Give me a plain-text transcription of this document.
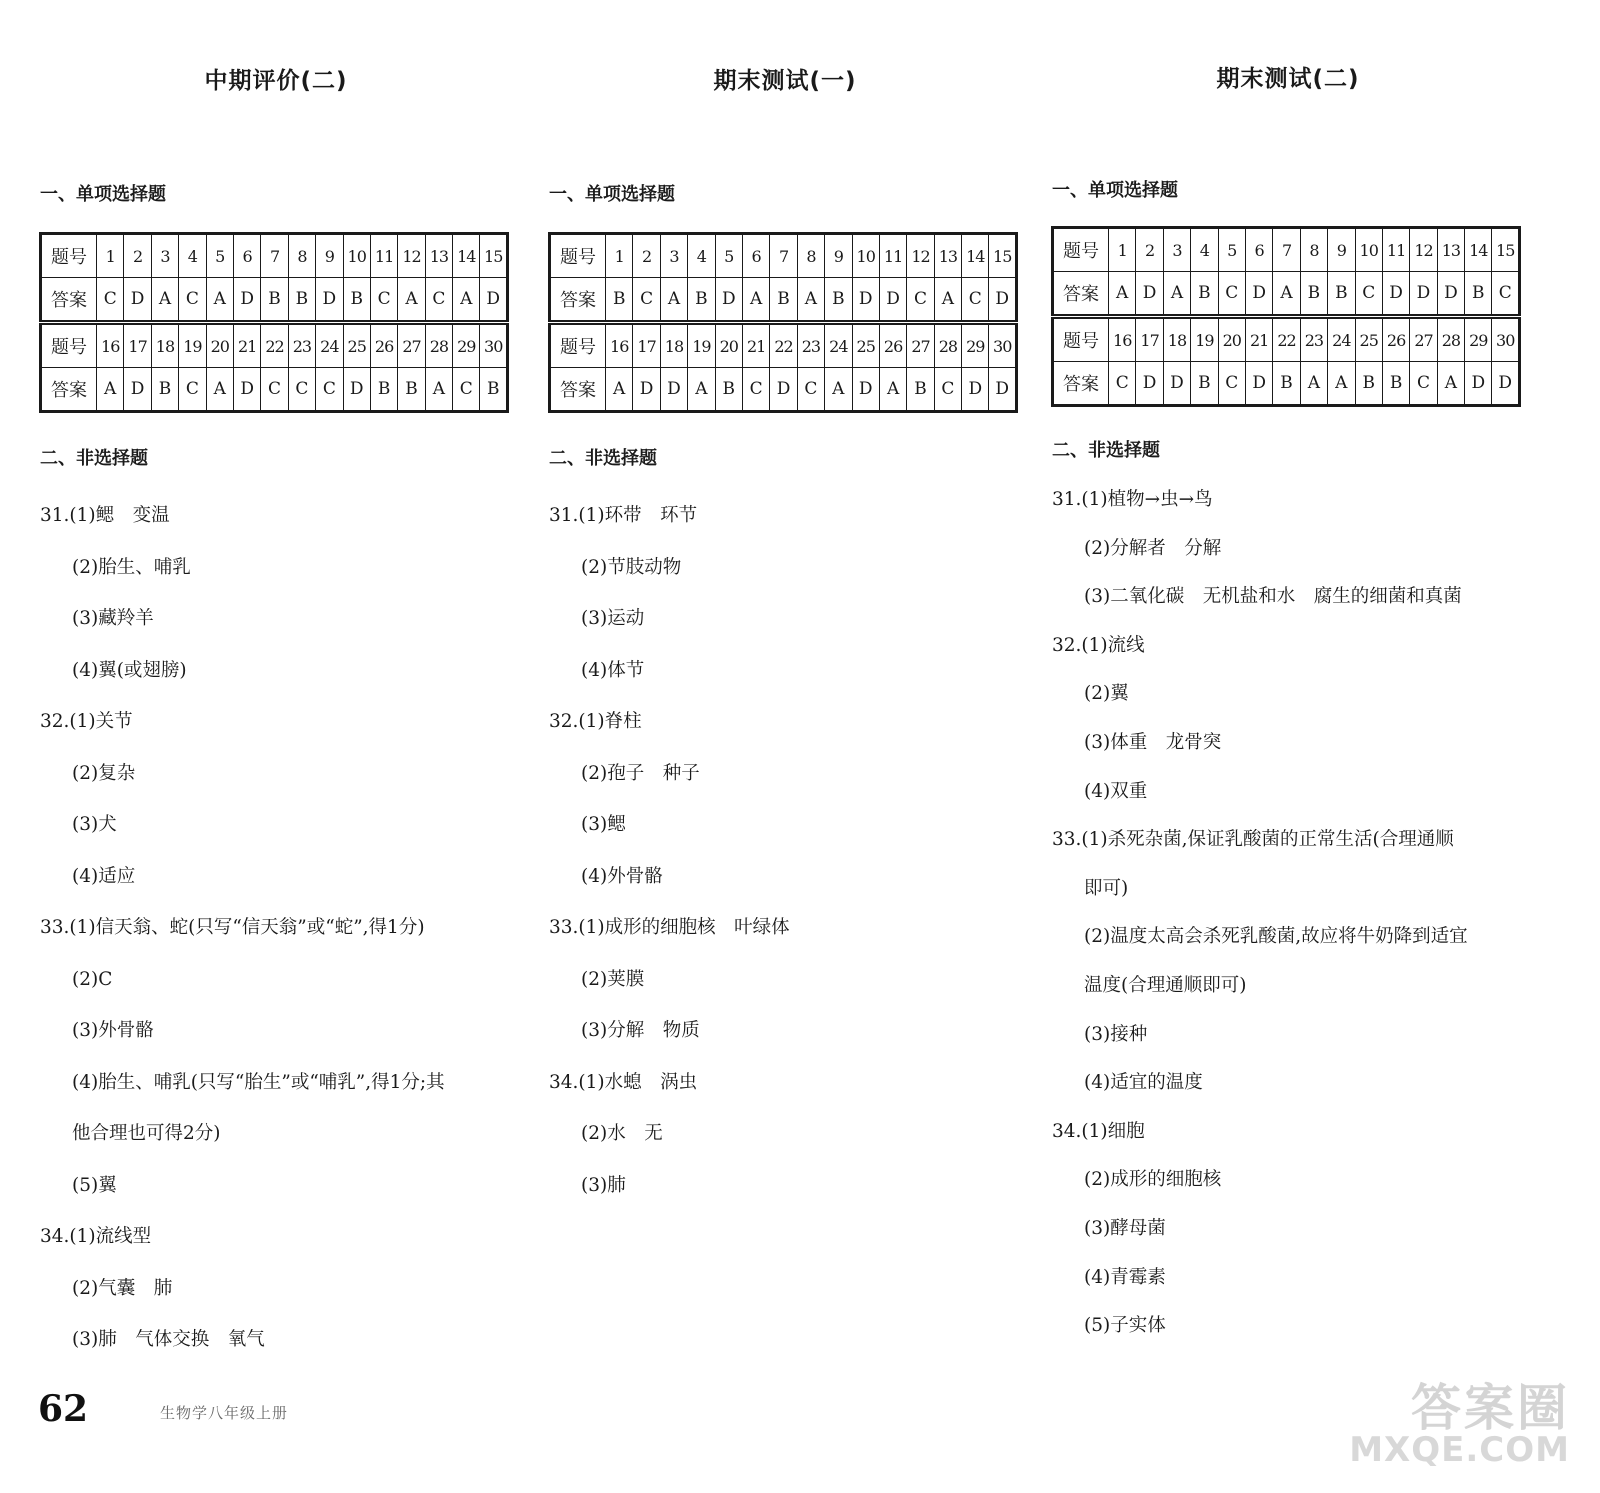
中期评价(二)
一、单项选择题
题号	1	2	3	4	5	6	7	8	9	10	11	12	13	14	15
答案	C	D	A	C	A	D	B	B	D	B	C	A	C	A	D
题号	16	17	18	19	20	21	22	23	24	25	26	27	28	29	30
答案	A	D	B	C	A	D	C	C	C	D	B	B	A	C	B
二、非选择题
31.(1)鳃　变温
(2)胎生、哺乳
(3)藏羚羊
(4)翼(或翅膀)
32.(1)关节
(2)复杂
(3)犬
(4)适应
33.(1)信天翁、蛇(只写“信天翁”或“蛇”,得1分)
(2)C
(3)外骨骼
(4)胎生、哺乳(只写“胎生”或“哺乳”,得1分;其
他合理也可得2分)
(5)翼
34.(1)流线型
(2)气囊　肺
(3)肺　气体交换　氧气
期末测试(一)
一、单项选择题
题号	1	2	3	4	5	6	7	8	9	10	11	12	13	14	15
答案	B	C	A	B	D	A	B	A	B	D	D	C	A	C	D
题号	16	17	18	19	20	21	22	23	24	25	26	27	28	29	30
答案	A	D	D	A	B	C	D	C	A	D	A	B	C	D	D
二、非选择题
31.(1)环带　环节
(2)节肢动物
(3)运动
(4)体节
32.(1)脊柱
(2)孢子　种子
(3)鳃
(4)外骨骼
33.(1)成形的细胞核　叶绿体
(2)荚膜
(3)分解　物质
34.(1)水螅　涡虫
(2)水　无
(3)肺
期末测试(二)
一、单项选择题
题号	1	2	3	4	5	6	7	8	9	10	11	12	13	14	15
答案	A	D	A	B	C	D	A	B	B	C	D	D	D	B	C
题号	16	17	18	19	20	21	22	23	24	25	26	27	28	29	30
答案	C	D	D	B	C	D	B	A	A	B	B	C	A	D	D
二、非选择题
31.(1)植物→虫→鸟
(2)分解者　分解
(3)二氧化碳　无机盐和水　腐生的细菌和真菌
32.(1)流线
(2)翼
(3)体重　龙骨突
(4)双重
33.(1)杀死杂菌,保证乳酸菌的正常生活(合理通顺
即可)
(2)温度太高会杀死乳酸菌,故应将牛奶降到适宜
温度(合理通顺即可)
(3)接种
(4)适宜的温度
34.(1)细胞
(2)成形的细胞核
(3)酵母菌
(4)青霉素
(5)子实体
62	生物学八年级上册	答案圈
MXQE.COM
